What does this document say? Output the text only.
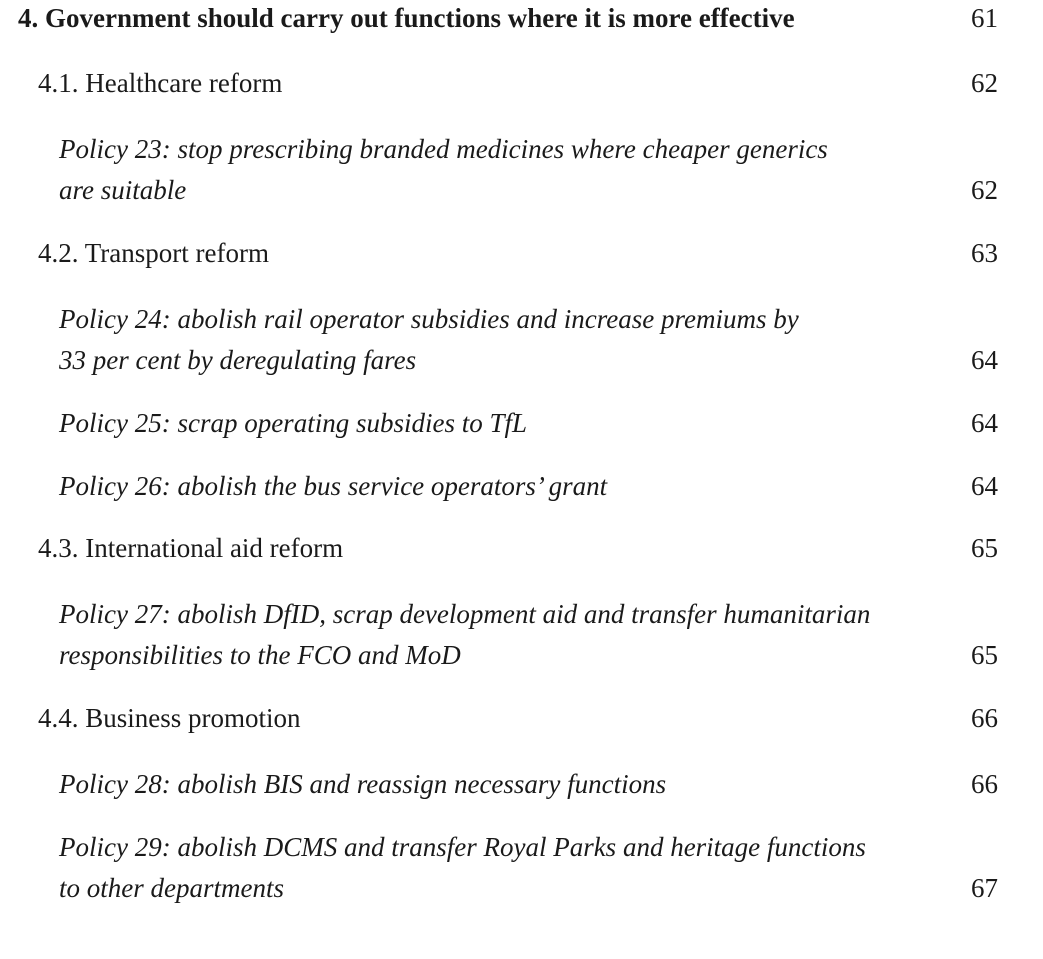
4. Government should carry out functions where it is more effective	61
4.1. Healthcare reform	62
Policy 23: stop prescribing branded medicines where cheaper generics
are suitable	62
4.2. Transport reform	63
Policy 24: abolish rail operator subsidies and increase premiums by
33 per cent by deregulating fares	64
Policy 25: scrap operating subsidies to TfL	64
Policy 26: abolish the bus service operators’ grant	64
4.3. International aid reform	65
Policy 27: abolish DfID, scrap development aid and transfer humanitarian
responsibilities to the FCO and MoD	65
4.4. Business promotion	66
Policy 28: abolish BIS and reassign necessary functions	66
Policy 29: abolish DCMS and transfer Royal Parks and heritage functions
to other departments	67
